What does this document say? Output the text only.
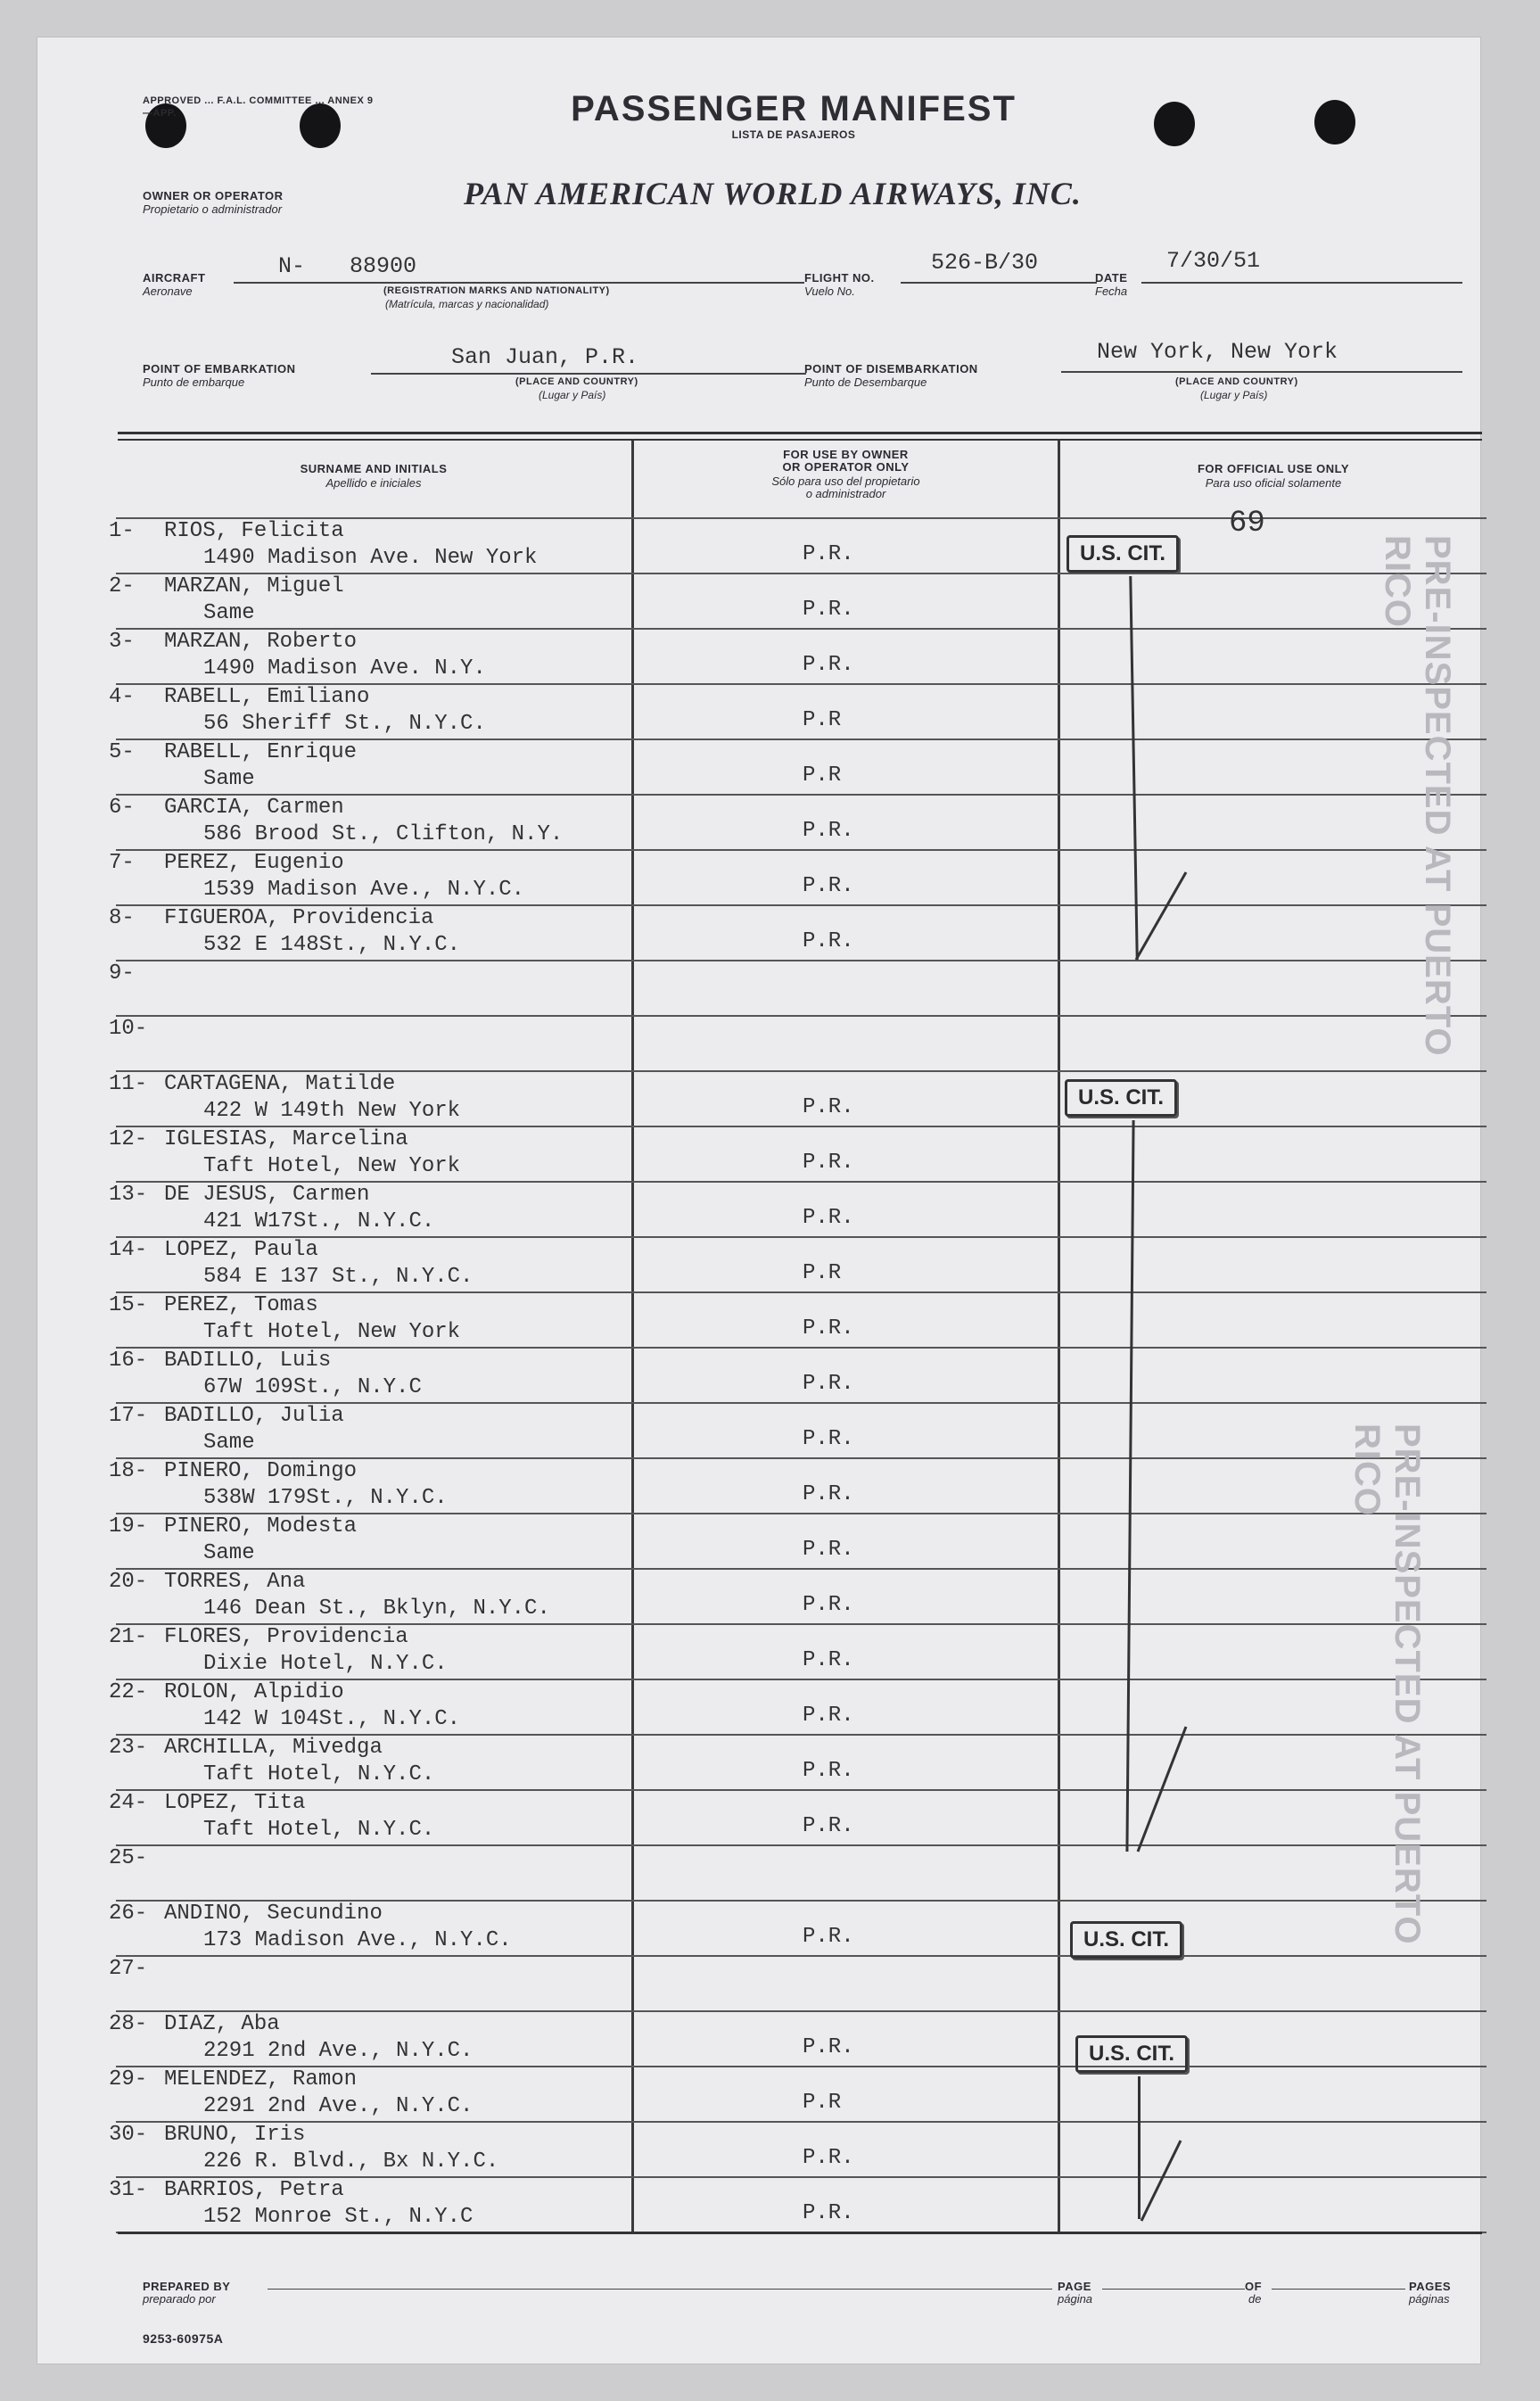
APPROVED ... F.A.L. COMMITTEE ... ANNEX 9—APP.	PASSENGER MANIFEST
LISTA DE PASAJEROS
OWNER OR OPERATOR
Propietario o administrador	PAN AMERICAN WORLD AIRWAYS, INC.
AIRCRAFT
Aeronave
N- 88900
(REGISTRATION MARKS AND NATIONALITY)
(Matrícula, marcas y nacionalidad)
FLIGHT NO.
Vuelo No.
526-B/30
DATE
Fecha
7/30/51
POINT OF EMBARKATION
Punto de embarque
San Juan, P.R.
(PLACE AND COUNTRY)
(Lugar y País)
POINT OF DISEMBARKATION
Punto de Desembarque
New York, New York
(PLACE AND COUNTRY)
(Lugar y País)
SURNAME AND INITIALS
Apellido e iniciales
FOR USE BY OWNER
OR OPERATOR ONLY
Sólo para uso del propietario
o administrador
FOR OFFICIAL USE ONLY
Para uso oficial solamente
1- RIOS, Felicita
1490 Madison Ave. New York	P.R.
2- MARZAN, Miguel
Same	P.R.
3- MARZAN, Roberto
1490 Madison Ave. N.Y.	P.R.
4- RABELL, Emiliano
56 Sheriff St., N.Y.C.	P.R
5- RABELL, Enrique
Same	P.R
6- GARCIA, Carmen
586 Brood St., Clifton, N.Y.	P.R.
7- PEREZ, Eugenio
1539 Madison Ave., N.Y.C.	P.R.
8- FIGUEROA, Providencia
532 E 148St., N.Y.C.	P.R.
9-
10-
11- CARTAGENA, Matilde
422 W 149th New York	P.R.
12- IGLESIAS, Marcelina
Taft Hotel, New York	P.R.
13- DE JESUS, Carmen
421 W17St., N.Y.C.	P.R.
14- LOPEZ, Paula
584 E 137 St., N.Y.C.	P.R
15- PEREZ, Tomas
Taft Hotel, New York	P.R.
16- BADILLO, Luis
67W 109St., N.Y.C	P.R.
17- BADILLO, Julia
Same	P.R.
18- PINERO, Domingo
538W 179St., N.Y.C.	P.R.
19- PINERO, Modesta
Same	P.R.
20- TORRES, Ana
146 Dean St., Bklyn, N.Y.C.	P.R.
21- FLORES, Providencia
Dixie Hotel, N.Y.C.	P.R.
22- ROLON, Alpidio
142 W 104St., N.Y.C.	P.R.
23- ARCHILLA, Mivedga
Taft Hotel, N.Y.C.	P.R.
24- LOPEZ, Tita
Taft Hotel, N.Y.C.	P.R.
25-
26- ANDINO, Secundino
173 Madison Ave., N.Y.C.	P.R.
27-
28- DIAZ, Aba
2291 2nd Ave., N.Y.C.	P.R.
29- MELENDEZ, Ramon
2291 2nd Ave., N.Y.C.	P.R
30- BRUNO, Iris
226 R. Blvd., Bx N.Y.C.	P.R.
31- BARRIOS, Petra
152 Monroe St., N.Y.C	P.R.
69
U.S. CIT.
U.S. CIT.
U.S. CIT.
U.S. CIT.
PRE-INSPECTED AT PUERTO RICO
PRE-INSPECTED AT PUERTO RICO
PREPARED BY
preparado por
PAGE
página
OF
de
PAGES
páginas
9253-60975A
